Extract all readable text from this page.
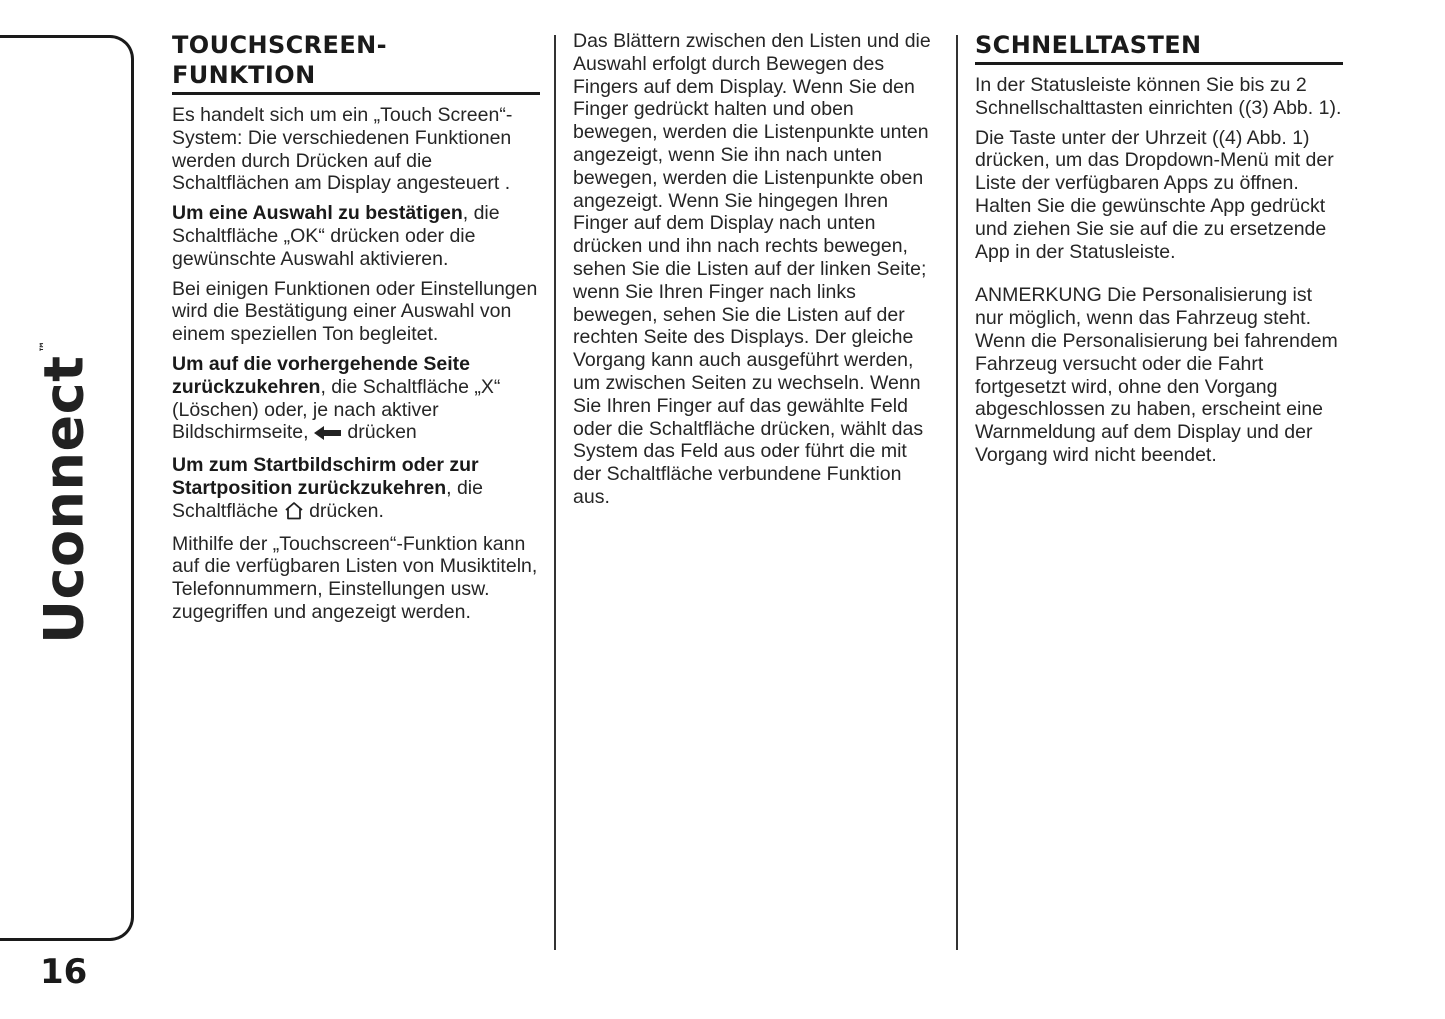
Uconnect™
16
TOUCHSCREEN-
FUNKTION

Es handelt sich um ein „Touch Screen“-System: Die verschiedenen Funktionen werden durch Drücken auf die Schaltflächen am Display angesteuert .

Um eine Auswahl zu bestätigen, die Schaltfläche „OK“ drücken oder die gewünschte Auswahl aktivieren.

Bei einigen Funktionen oder Einstellungen wird die Bestätigung einer Auswahl von einem speziellen Ton begleitet.

Um auf die vorhergehende Seite zurückzukehren, die Schaltfläche „X“ (Löschen) oder, je nach aktiver Bildschirmseite, drücken

Um zum Startbildschirm oder zur Startposition zurückzukehren, die Schaltfläche drücken.

Mithilfe der „Touchscreen“-Funktion kann auf die verfügbaren Listen von Musiktiteln, Telefonnummern, Einstellungen usw. zugegriffen und angezeigt werden.

Das Blättern zwischen den Listen und die Auswahl erfolgt durch Bewegen des Fingers auf dem Display. Wenn Sie den Finger gedrückt halten und oben bewegen, werden die Listenpunkte unten angezeigt, wenn Sie ihn nach unten bewegen, werden die Listenpunkte oben angezeigt. Wenn Sie hingegen Ihren Finger auf dem Display nach unten drücken und ihn nach rechts bewegen, sehen Sie die Listen auf der linken Seite; wenn Sie Ihren Finger nach links bewegen, sehen Sie die Listen auf der rechten Seite des Displays. Der gleiche Vorgang kann auch ausgeführt werden, um zwischen Seiten zu wechseln. Wenn Sie Ihren Finger auf das gewählte Feld oder die Schaltfläche drücken, wählt das System das Feld aus oder führt die mit der Schaltfläche verbundene Funktion aus.

SCHNELLTASTEN

In der Statusleiste können Sie bis zu 2 Schnellschalttasten einrichten ((3) Abb. 1).

Die Taste unter der Uhrzeit ((4) Abb. 1) drücken, um das Dropdown-Menü mit der Liste der verfügbaren Apps zu öffnen. Halten Sie die gewünschte App gedrückt und ziehen Sie sie auf die zu ersetzende App in der Statusleiste.

ANMERKUNG Die Personalisierung ist nur möglich, wenn das Fahrzeug steht. Wenn die Personalisierung bei fahrendem Fahrzeug versucht oder die Fahrt fortgesetzt wird, ohne den Vorgang abgeschlossen zu haben, erscheint eine Warnmeldung auf dem Display und der Vorgang wird nicht beendet.
